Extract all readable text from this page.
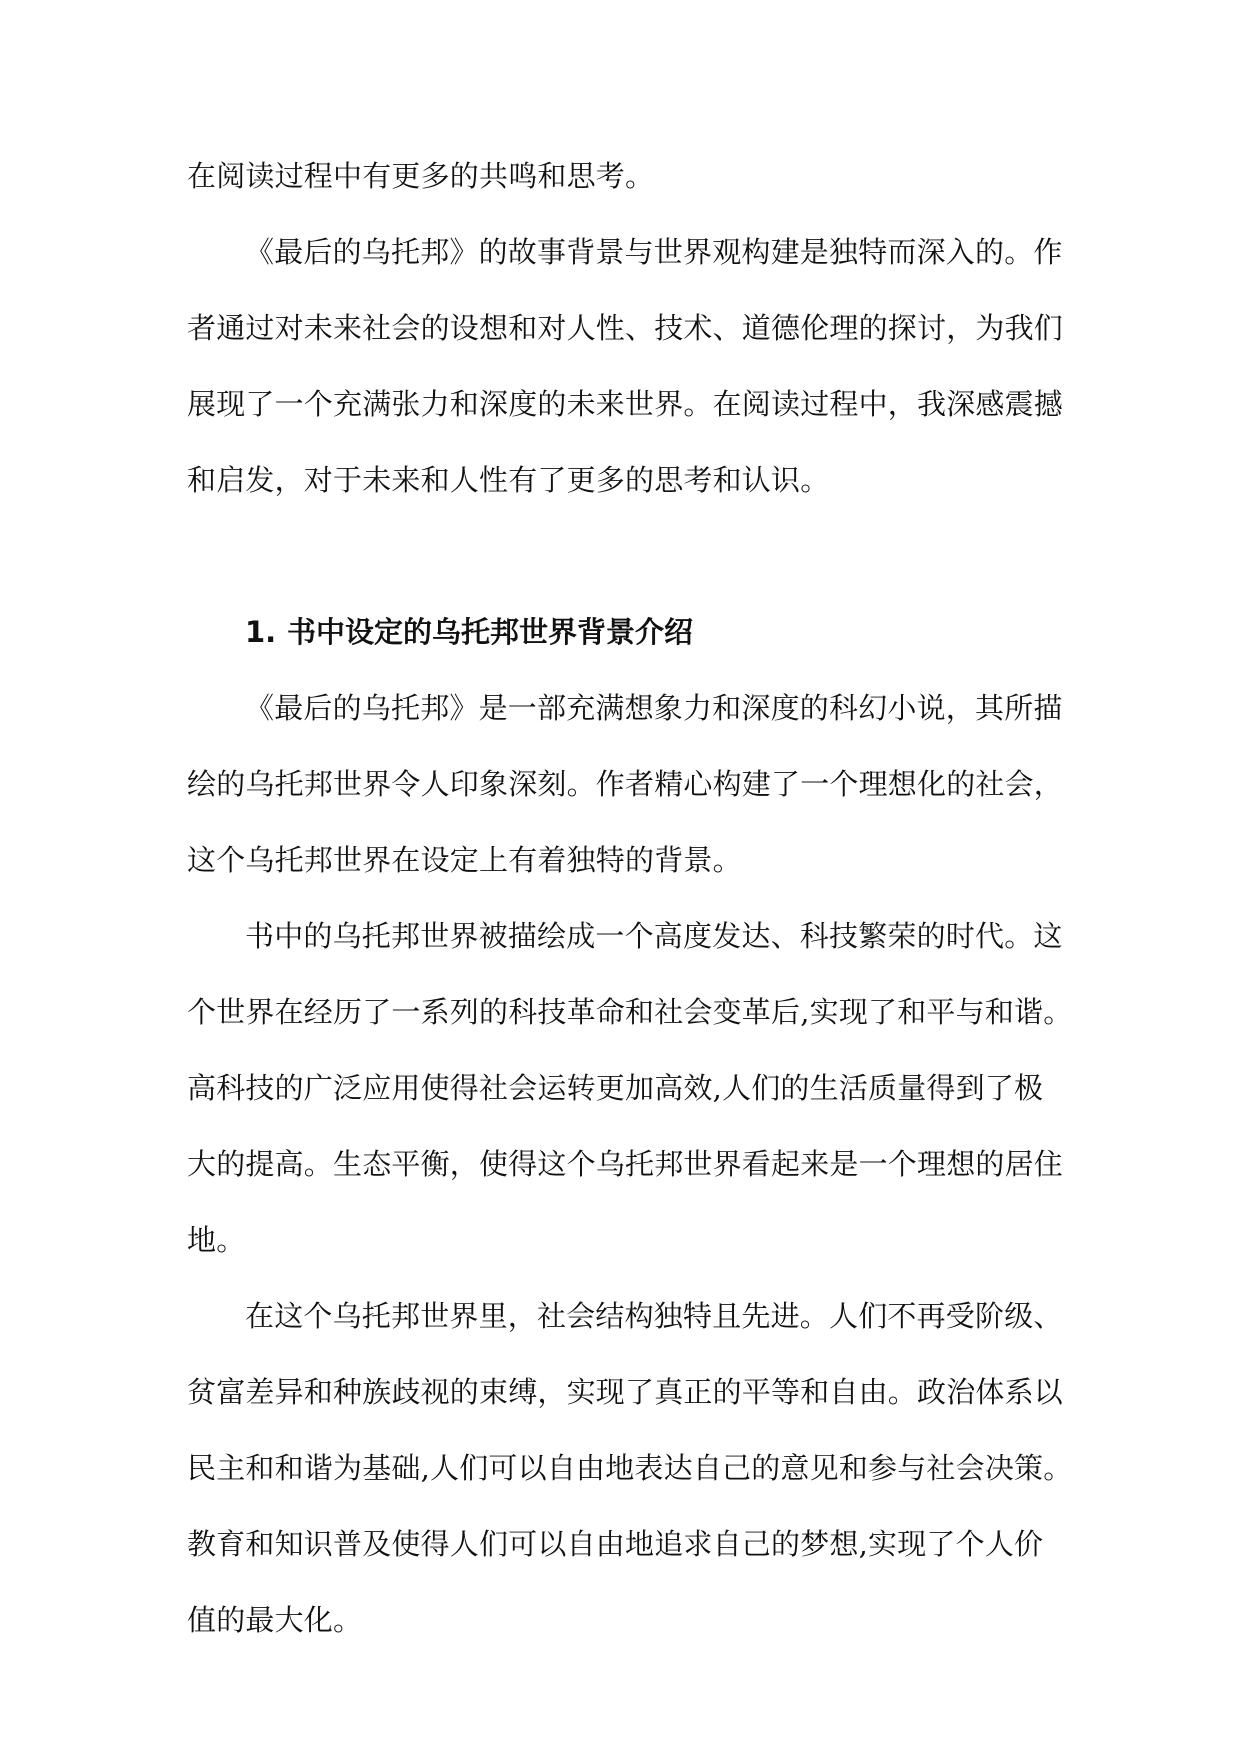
在阅读过程中有更多的共鸣和思考。
《最后的乌托邦》的故事背景与世界观构建是独特而深入的。作
者通过对未来社会的设想和对人性、技术、道德伦理的探讨，为我们
展现了一个充满张力和深度的未来世界。在阅读过程中，我深感震撼
和启发，对于未来和人性有了更多的思考和认识。
1. 书中设定的乌托邦世界背景介绍
《最后的乌托邦》是一部充满想象力和深度的科幻小说，其所描
绘的乌托邦世界令人印象深刻。作者精心构建了一个理想化的社会，
这个乌托邦世界在设定上有着独特的背景。
书中的乌托邦世界被描绘成一个高度发达、科技繁荣的时代。这
个世界在经历了一系列的科技革命和社会变革后,实现了和平与和谐。
高科技的广泛应用使得社会运转更加高效,人们的生活质量得到了极
大的提高。生态平衡，使得这个乌托邦世界看起来是一个理想的居住
地。
在这个乌托邦世界里，社会结构独特且先进。人们不再受阶级、
贫富差异和种族歧视的束缚，实现了真正的平等和自由。政治体系以
民主和和谐为基础,人们可以自由地表达自己的意见和参与社会决策。
教育和知识普及使得人们可以自由地追求自己的梦想,实现了个人价
值的最大化。
